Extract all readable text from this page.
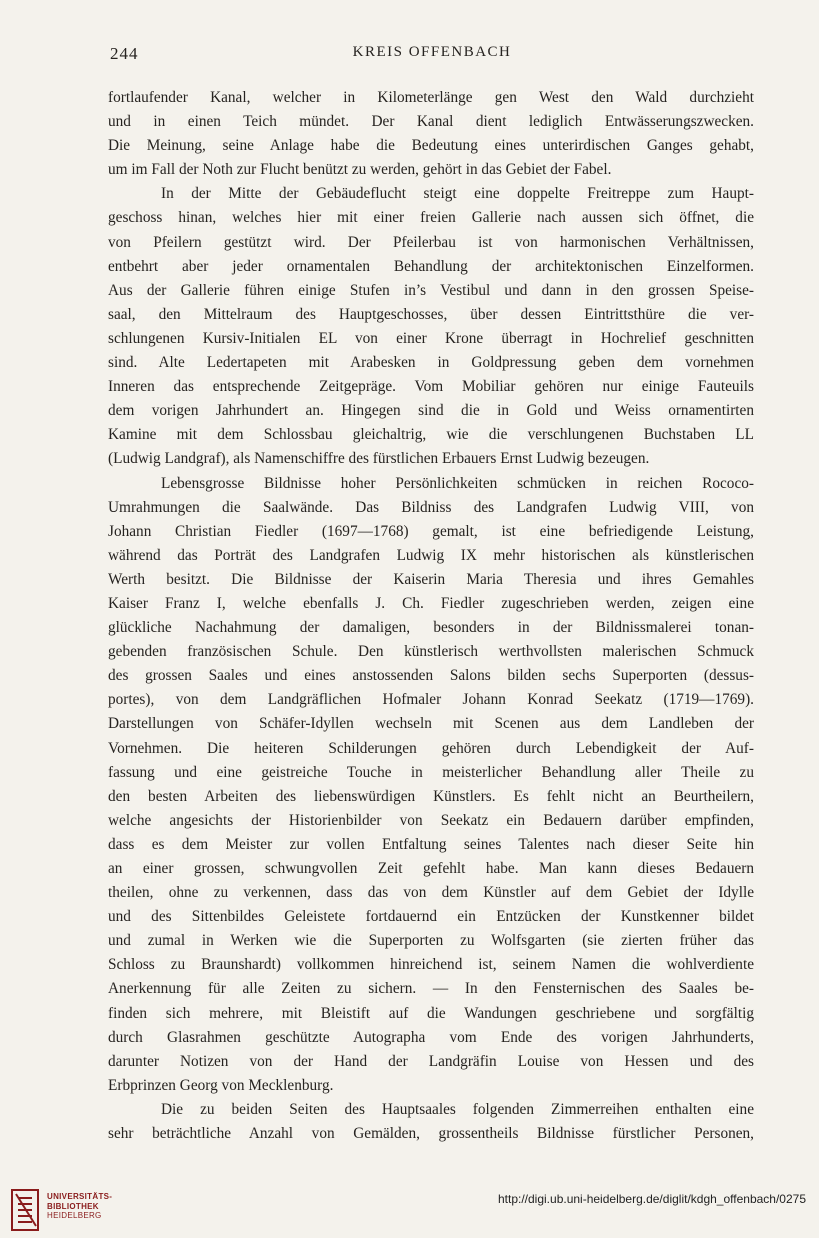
244	KREIS OFFENBACH

fortlaufender Kanal, welcher in Kilometerlänge gen West den Wald durchzieht

und in einen Teich mündet. Der Kanal dient lediglich Entwässerungszwecken.

Die Meinung, seine Anlage habe die Bedeutung eines unterirdischen Ganges gehabt,

um im Fall der Noth zur Flucht benützt zu werden, gehört in das Gebiet der Fabel.

In der Mitte der Gebäudeflucht steigt eine doppelte Freitreppe zum Haupt-

geschoss hinan, welches hier mit einer freien Gallerie nach aussen sich öffnet, die

von Pfeilern gestützt wird. Der Pfeilerbau ist von harmonischen Verhältnissen,

entbehrt aber jeder ornamentalen Behandlung der architektonischen Einzelformen.

Aus der Gallerie führen einige Stufen in’s Vestibul und dann in den grossen Speise-

saal, den Mittelraum des Hauptgeschosses, über dessen Eintrittsthüre die ver-

schlungenen Kursiv-Initialen EL von einer Krone überragt in Hochrelief geschnitten

sind. Alte Ledertapeten mit Arabesken in Goldpressung geben dem vornehmen

Inneren das entsprechende Zeitgepräge. Vom Mobiliar gehören nur einige Fauteuils

dem vorigen Jahrhundert an. Hingegen sind die in Gold und Weiss ornamentirten

Kamine mit dem Schlossbau gleichaltrig, wie die verschlungenen Buchstaben LL

(Ludwig Landgraf), als Namenschiffre des fürstlichen Erbauers Ernst Ludwig bezeugen.

Lebensgrosse Bildnisse hoher Persönlichkeiten schmücken in reichen Rococo-

Umrahmungen die Saalwände. Das Bildniss des Landgrafen Ludwig VIII, von

Johann Christian Fiedler (1697—1768) gemalt, ist eine befriedigende Leistung,

während das Porträt des Landgrafen Ludwig IX mehr historischen als künstlerischen

Werth besitzt. Die Bildnisse der Kaiserin Maria Theresia und ihres Gemahles

Kaiser Franz I, welche ebenfalls J. Ch. Fiedler zugeschrieben werden, zeigen eine

glückliche Nachahmung der damaligen, besonders in der Bildnissmalerei tonan-

gebenden französischen Schule. Den künstlerisch werthvollsten malerischen Schmuck

des grossen Saales und eines anstossenden Salons bilden sechs Superporten (dessus-

portes), von dem Landgräflichen Hofmaler Johann Konrad Seekatz (1719—1769).

Darstellungen von Schäfer-Idyllen wechseln mit Scenen aus dem Landleben der

Vornehmen. Die heiteren Schilderungen gehören durch Lebendigkeit der Auf-

fassung und eine geistreiche Touche in meisterlicher Behandlung aller Theile zu

den besten Arbeiten des liebenswürdigen Künstlers. Es fehlt nicht an Beurtheilern,

welche angesichts der Historienbilder von Seekatz ein Bedauern darüber empfinden,

dass es dem Meister zur vollen Entfaltung seines Talentes nach dieser Seite hin

an einer grossen, schwungvollen Zeit gefehlt habe. Man kann dieses Bedauern

theilen, ohne zu verkennen, dass das von dem Künstler auf dem Gebiet der Idylle

und des Sittenbildes Geleistete fortdauernd ein Entzücken der Kunstkenner bildet

und zumal in Werken wie die Superporten zu Wolfsgarten (sie zierten früher das

Schloss zu Braunshardt) vollkommen hinreichend ist, seinem Namen die wohlverdiente

Anerkennung für alle Zeiten zu sichern. — In den Fensternischen des Saales be-

finden sich mehrere, mit Bleistift auf die Wandungen geschriebene und sorgfältig

durch Glasrahmen geschützte Autographa vom Ende des vorigen Jahrhunderts,

darunter Notizen von der Hand der Landgräfin Louise von Hessen und des

Erbprinzen Georg von Mecklenburg.

Die zu beiden Seiten des Hauptsaales folgenden Zimmerreihen enthalten eine

sehr beträchtliche Anzahl von Gemälden, grossentheils Bildnisse fürstlicher Personen,

UNIVERSITÄTS-
BIBLIOTHEK
HEIDELBERG
http://digi.ub.uni-heidelberg.de/diglit/kdgh_offenbach/0275
